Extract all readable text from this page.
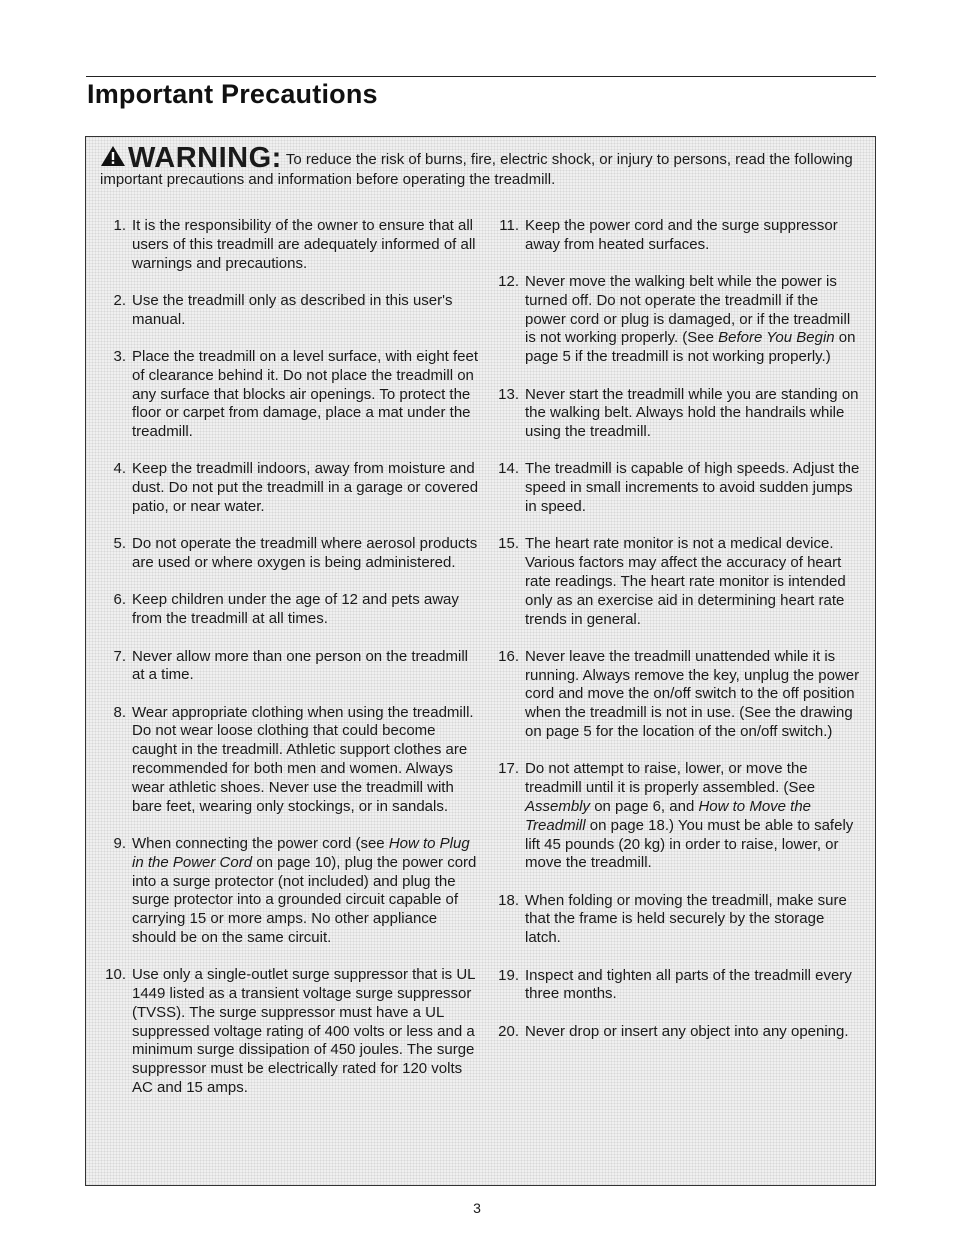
Important Precautions
WARNING: To reduce the risk of burns, fire, electric shock, or injury to persons, read the following important precautions and information before operating the treadmill.
1. It is the responsibility of the owner to ensure that all users of this treadmill are adequately informed of all warnings and precautions.
2. Use the treadmill only as described in this user's manual.
3. Place the treadmill on a level surface, with eight feet of clearance behind it. Do not place the treadmill on any surface that blocks air openings. To protect the floor or carpet from damage, place a mat under the treadmill.
4. Keep the treadmill indoors, away from moisture and dust. Do not put the treadmill in a garage or covered patio, or near water.
5. Do not operate the treadmill where aerosol products are used or where oxygen is being administered.
6. Keep children under the age of 12 and pets away from the treadmill at all times.
7. Never allow more than one person on the treadmill at a time.
8. Wear appropriate clothing when using the treadmill. Do not wear loose clothing that could become caught in the treadmill. Athletic support clothes are recommended for both men and women. Always wear athletic shoes. Never use the treadmill with bare feet, wearing only stockings, or in sandals.
9. When connecting the power cord (see How to Plug in the Power Cord on page 10), plug the power cord into a surge protector (not included) and plug the surge protector into a grounded circuit capable of carrying 15 or more amps. No other appliance should be on the same circuit.
10. Use only a single-outlet surge suppressor that is UL 1449 listed as a transient voltage surge suppressor (TVSS). The surge suppressor must have a UL suppressed voltage rating of 400 volts or less and a minimum surge dissipation of 450 joules. The surge suppressor must be electrically rated for 120 volts AC and 15 amps.
11. Keep the power cord and the surge suppressor away from heated surfaces.
12. Never move the walking belt while the power is turned off. Do not operate the treadmill if the power cord or plug is damaged, or if the treadmill is not working properly. (See Before You Begin on page 5 if the treadmill is not working properly.)
13. Never start the treadmill while you are standing on the walking belt. Always hold the handrails while using the treadmill.
14. The treadmill is capable of high speeds. Adjust the speed in small increments to avoid sudden jumps in speed.
15. The heart rate monitor is not a medical device. Various factors may affect the accuracy of heart rate readings. The heart rate monitor is intended only as an exercise aid in determining heart rate trends in general.
16. Never leave the treadmill unattended while it is running. Always remove the key, unplug the power cord and move the on/off switch to the off position when the treadmill is not in use. (See the drawing on page 5 for the location of the on/off switch.)
17. Do not attempt to raise, lower, or move the treadmill until it is properly assembled. (See Assembly on page 6, and How to Move the Treadmill on page 18.) You must be able to safely lift 45 pounds (20 kg) in order to raise, lower, or move the treadmill.
18. When folding or moving the treadmill, make sure that the frame is held securely by the storage latch.
19. Inspect and tighten all parts of the treadmill every three months.
20. Never drop or insert any object into any opening.
3
